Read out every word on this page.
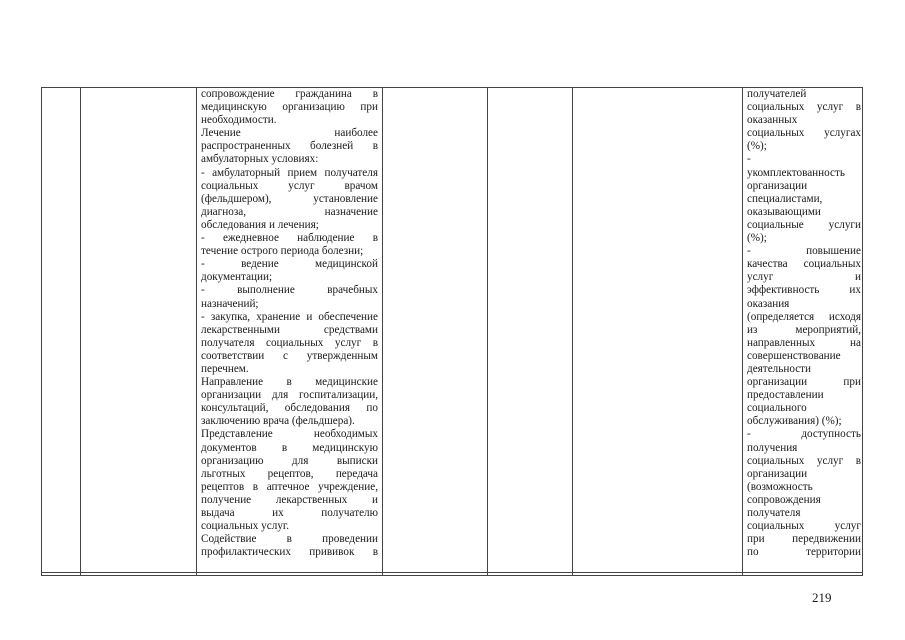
сопровождение гражданина в
медицинскую организацию при
необходимости.
Лечение наиболее
распространенных болезней в
амбулаторных условиях:
- амбулаторный прием получателя
социальных услуг врачом
(фельдшером), установление
диагноза, назначение
обследования и лечения;
- ежедневное наблюдение в
течение острого периода болезни;
- ведение медицинской
документации;
- выполнение врачебных
назначений;
- закупка, хранение и обеспечение
лекарственными средствами
получателя социальных услуг в
соответствии с утвержденным
перечнем.
Направление в медицинские
организации для госпитализации,
консультаций, обследования по
заключению врача (фельдшера).
Представление необходимых
документов в медицинскую
организацию для выписки
льготных рецептов, передача
рецептов в аптечное учреждение,
получение лекарственных и
выдача их получателю
социальных услуг.
Содействие в проведении
профилактических прививок в
получателей
социальных услуг в
оказанных
социальных услугах
(%);
-
укомплектованность
организации
специалистами,
оказывающими
социальные услуги
(%);
- повышение
качества социальных
услуг и
эффективность их
оказания
(определяется исходя
из мероприятий,
направленных на
совершенствование
деятельности
организации при
предоставлении
социального
обслуживания) (%);
- доступность
получения
социальных услуг в
организации
(возможность
сопровождения
получателя
социальных услуг
при передвижении
по территории
219
